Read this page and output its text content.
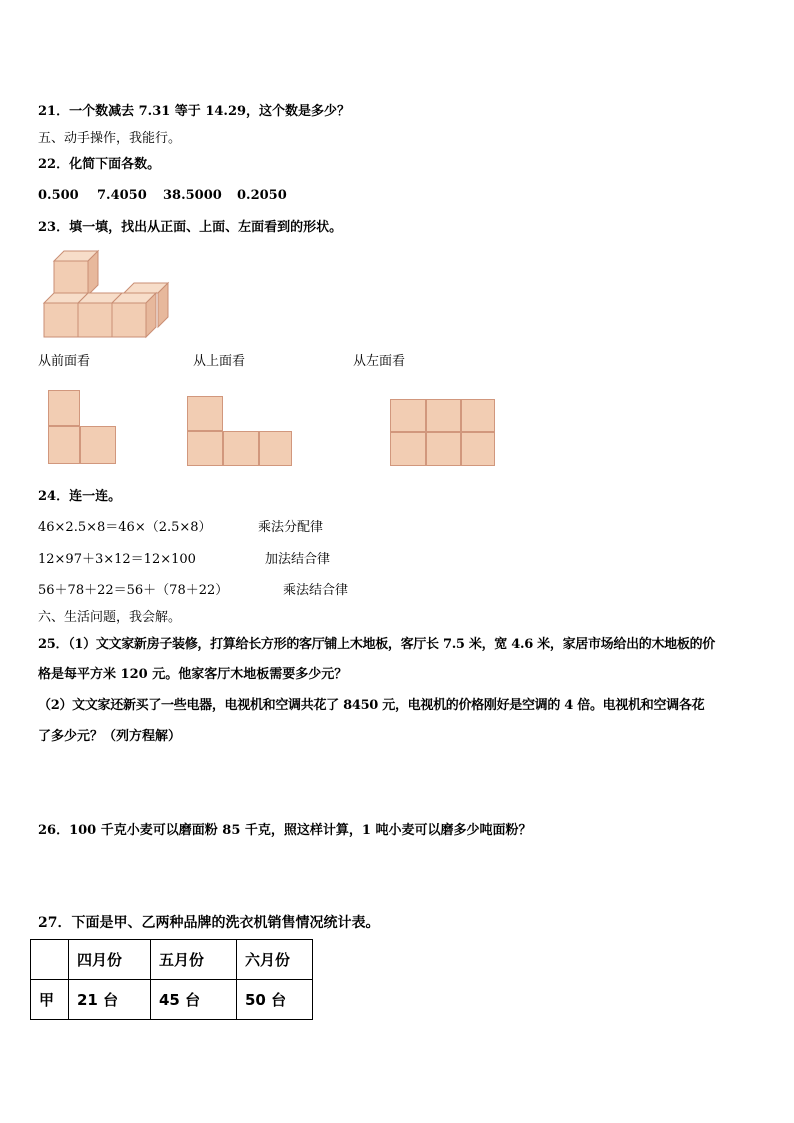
21．一个数减去 7.31 等于 14.29，这个数是多少？
五、动手操作，我能行。
22．化简下面各数。
0.500 7.4050 38.5000 0.2050
23．填一填，找出从正面、上面、左面看到的形状。
从前面看	从上面看	从左面看
24．连一连。
46×2.5×8＝46×（2.5×8）	乘法分配律
12×97＋3×12＝12×100	加法结合律
56＋78＋22＝56＋（78＋22）	乘法结合律
六、生活问题，我会解。
25．（1）文文家新房子装修，打算给长方形的客厅铺上木地板，客厅长 7.5 米，宽 4.6 米，家居市场给出的木地板的价
格是每平方米 120 元。他家客厅木地板需要多少元？
（2）文文家还新买了一些电器，电视机和空调共花了 8450 元，电视机的价格刚好是空调的 4 倍。电视机和空调各花
了多少元？（列方程解）
26．100 千克小麦可以磨面粉 85 千克，照这样计算，1 吨小麦可以磨多少吨面粉？
27．下面是甲、乙两种品牌的洗衣机销售情况统计表。
	四月份	五月份	六月份
甲	21 台	45 台	50 台
